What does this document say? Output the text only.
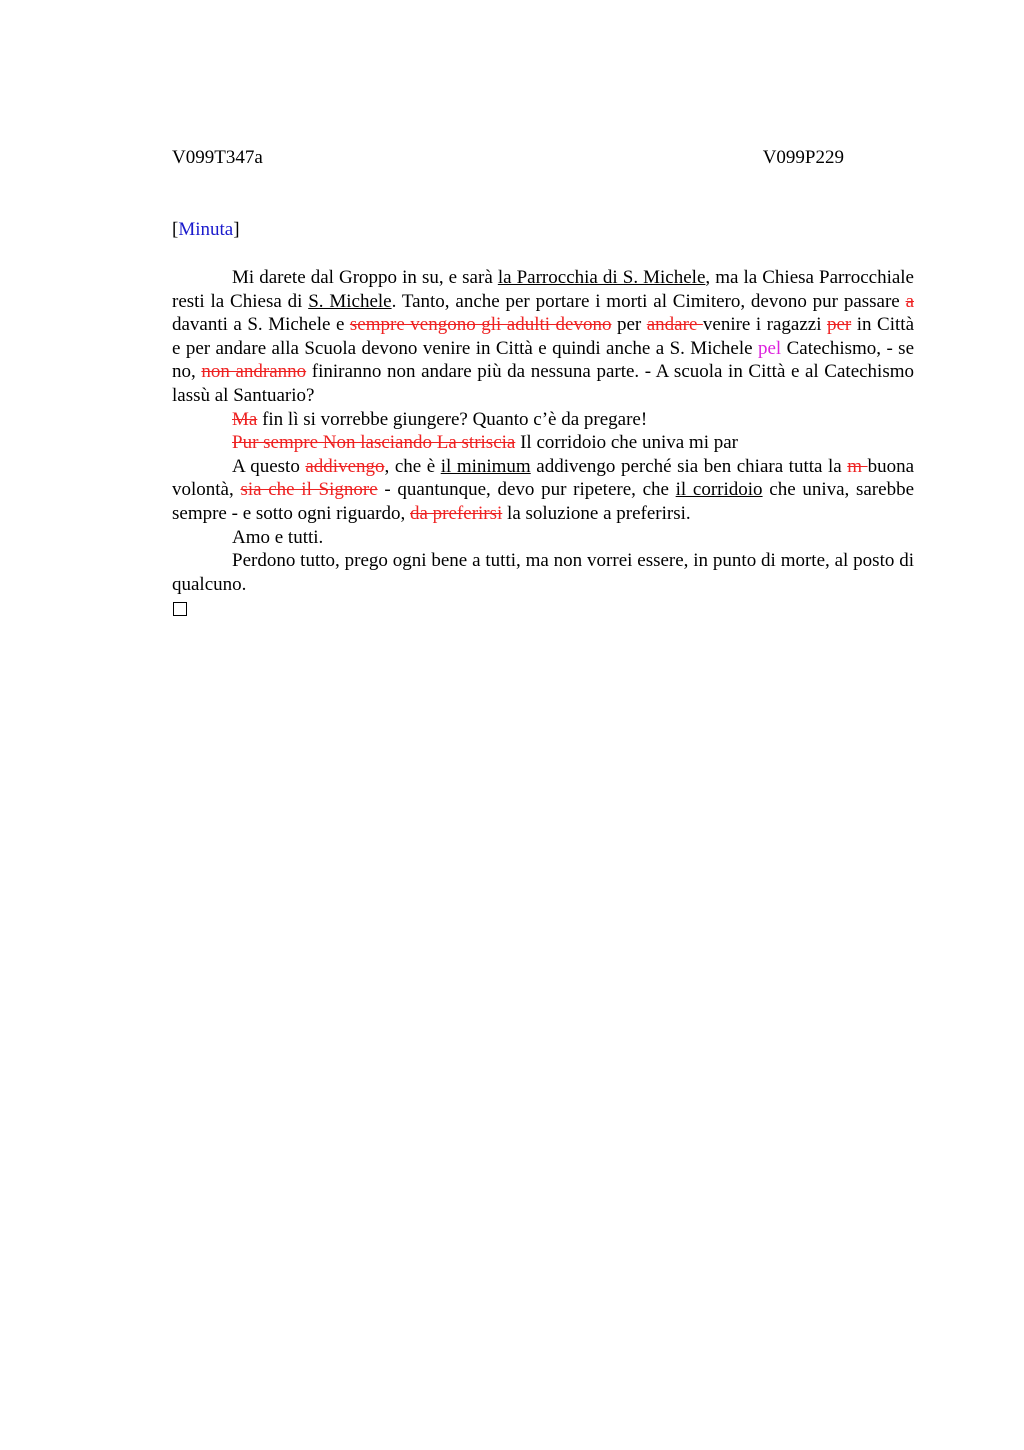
V099T347a	V099P229
[Minuta]

Mi darete dal Groppo in su, e sarà la Parrocchia di S. Michele, ma la Chiesa Parrocchiale resti la Chiesa di S. Michele. Tanto, anche per portare i morti al Cimitero, devono pur passare a davanti a S. Michele e sempre vengono gli adulti devono per andare venire i ragazzi per in Città e per andare alla Scuola devono venire in Città e quindi anche a S. Michele pel Catechismo, - se no, non andranno finiranno non andare più da nessuna parte. - A scuola in Città e al Catechismo lassù al Santuario?

Ma fin lì si vorrebbe giungere? Quanto c’è da pregare!

Pur sempre Non lasciando La striscia Il corridoio che univa mi par

A questo addivengo, che è il minimum addivengo perché sia ben chiara tutta la m buona volontà, sia che il Signore - quantunque, devo pur ripetere, che il corridoio che univa, sarebbe sempre - e sotto ogni riguardo, da preferirsi la soluzione a preferirsi.

Amo e tutti.

Perdono tutto, prego ogni bene a tutti, ma non vorrei essere, in punto di morte, al posto di qualcuno.
